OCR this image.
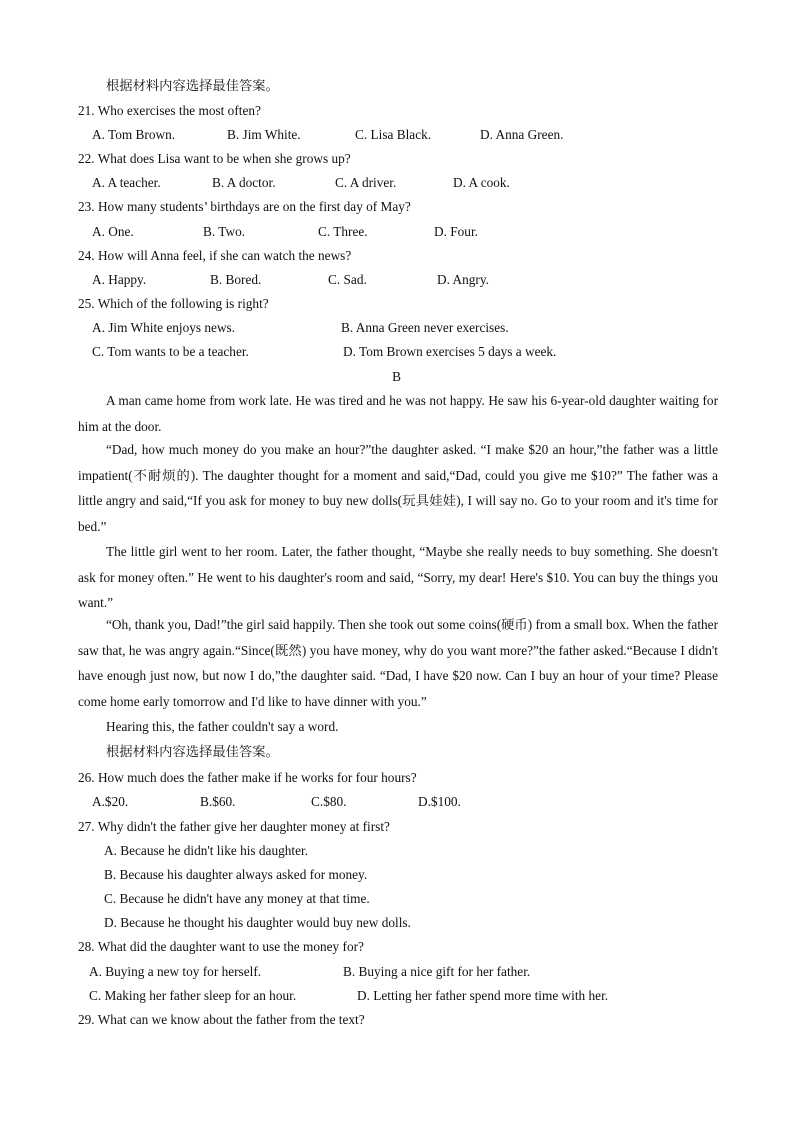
根据材料内容选择最佳答案。
21. Who exercises the most often?
A. Tom Brown.	B. Jim White.	C. Lisa Black.	D. Anna Green.
22. What does Lisa want to be when she grows up?
A. A teacher.	B. A doctor.	C. A driver.	D. A cook.
23. How many students’ birthdays are on the first day of May?
A. One.	B. Two.	C. Three.	D. Four.
24. How will Anna feel, if she can watch the news?
A. Happy.	B. Bored.	C. Sad.	D. Angry.
25. Which of the following is right?
A. Jim White enjoys news.	B. Anna Green never exercises.
C. Tom wants to be a teacher.	D. Tom Brown exercises 5 days a week.
B
A man came home from work late. He was tired and he was not happy. He saw his 6-year-old daughter waiting for him at the door.
“Dad, how much money do you make an hour?”the daughter asked. “I make $20 an hour,”the father was a little impatient(不耐烦的). The daughter thought for a moment and said,“Dad, could you give me $10?” The father was a little angry and said,“If you ask for money to buy new dolls(玩具娃娃), I will say no. Go to your room and it's time for bed.”
The little girl went to her room. Later, the father thought, “Maybe she really needs to buy something. She doesn't ask for money often.” He went to his daughter's room and said, “Sorry, my dear! Here's $10. You can buy the things you want.”
“Oh, thank you, Dad!”the girl said happily. Then she took out some coins(硬币) from a small box. When the father saw that, he was angry again.“Since(既然) you have money, why do you want more?”the father asked.“Because I didn't have enough just now, but now I do,”the daughter said. “Dad, I have $20 now. Can I buy an hour of your time? Please come home early tomorrow and I'd like to have dinner with you.”
Hearing this, the father couldn't say a word.
根据材料内容选择最佳答案。
26. How much does the father make if he works for four hours?
A.$20.	B.$60.	C.$80.	D.$100.
27. Why didn't the father give her daughter money at first?
A. Because he didn't like his daughter.
B. Because his daughter always asked for money.
C. Because he didn't have any money at that time.
D. Because he thought his daughter would buy new dolls.
28. What did the daughter want to use the money for?
A. Buying a new toy for herself.	B. Buying a nice gift for her father.
C. Making her father sleep for an hour.	D. Letting her father spend more time with her.
29. What can we know about the father from the text?
